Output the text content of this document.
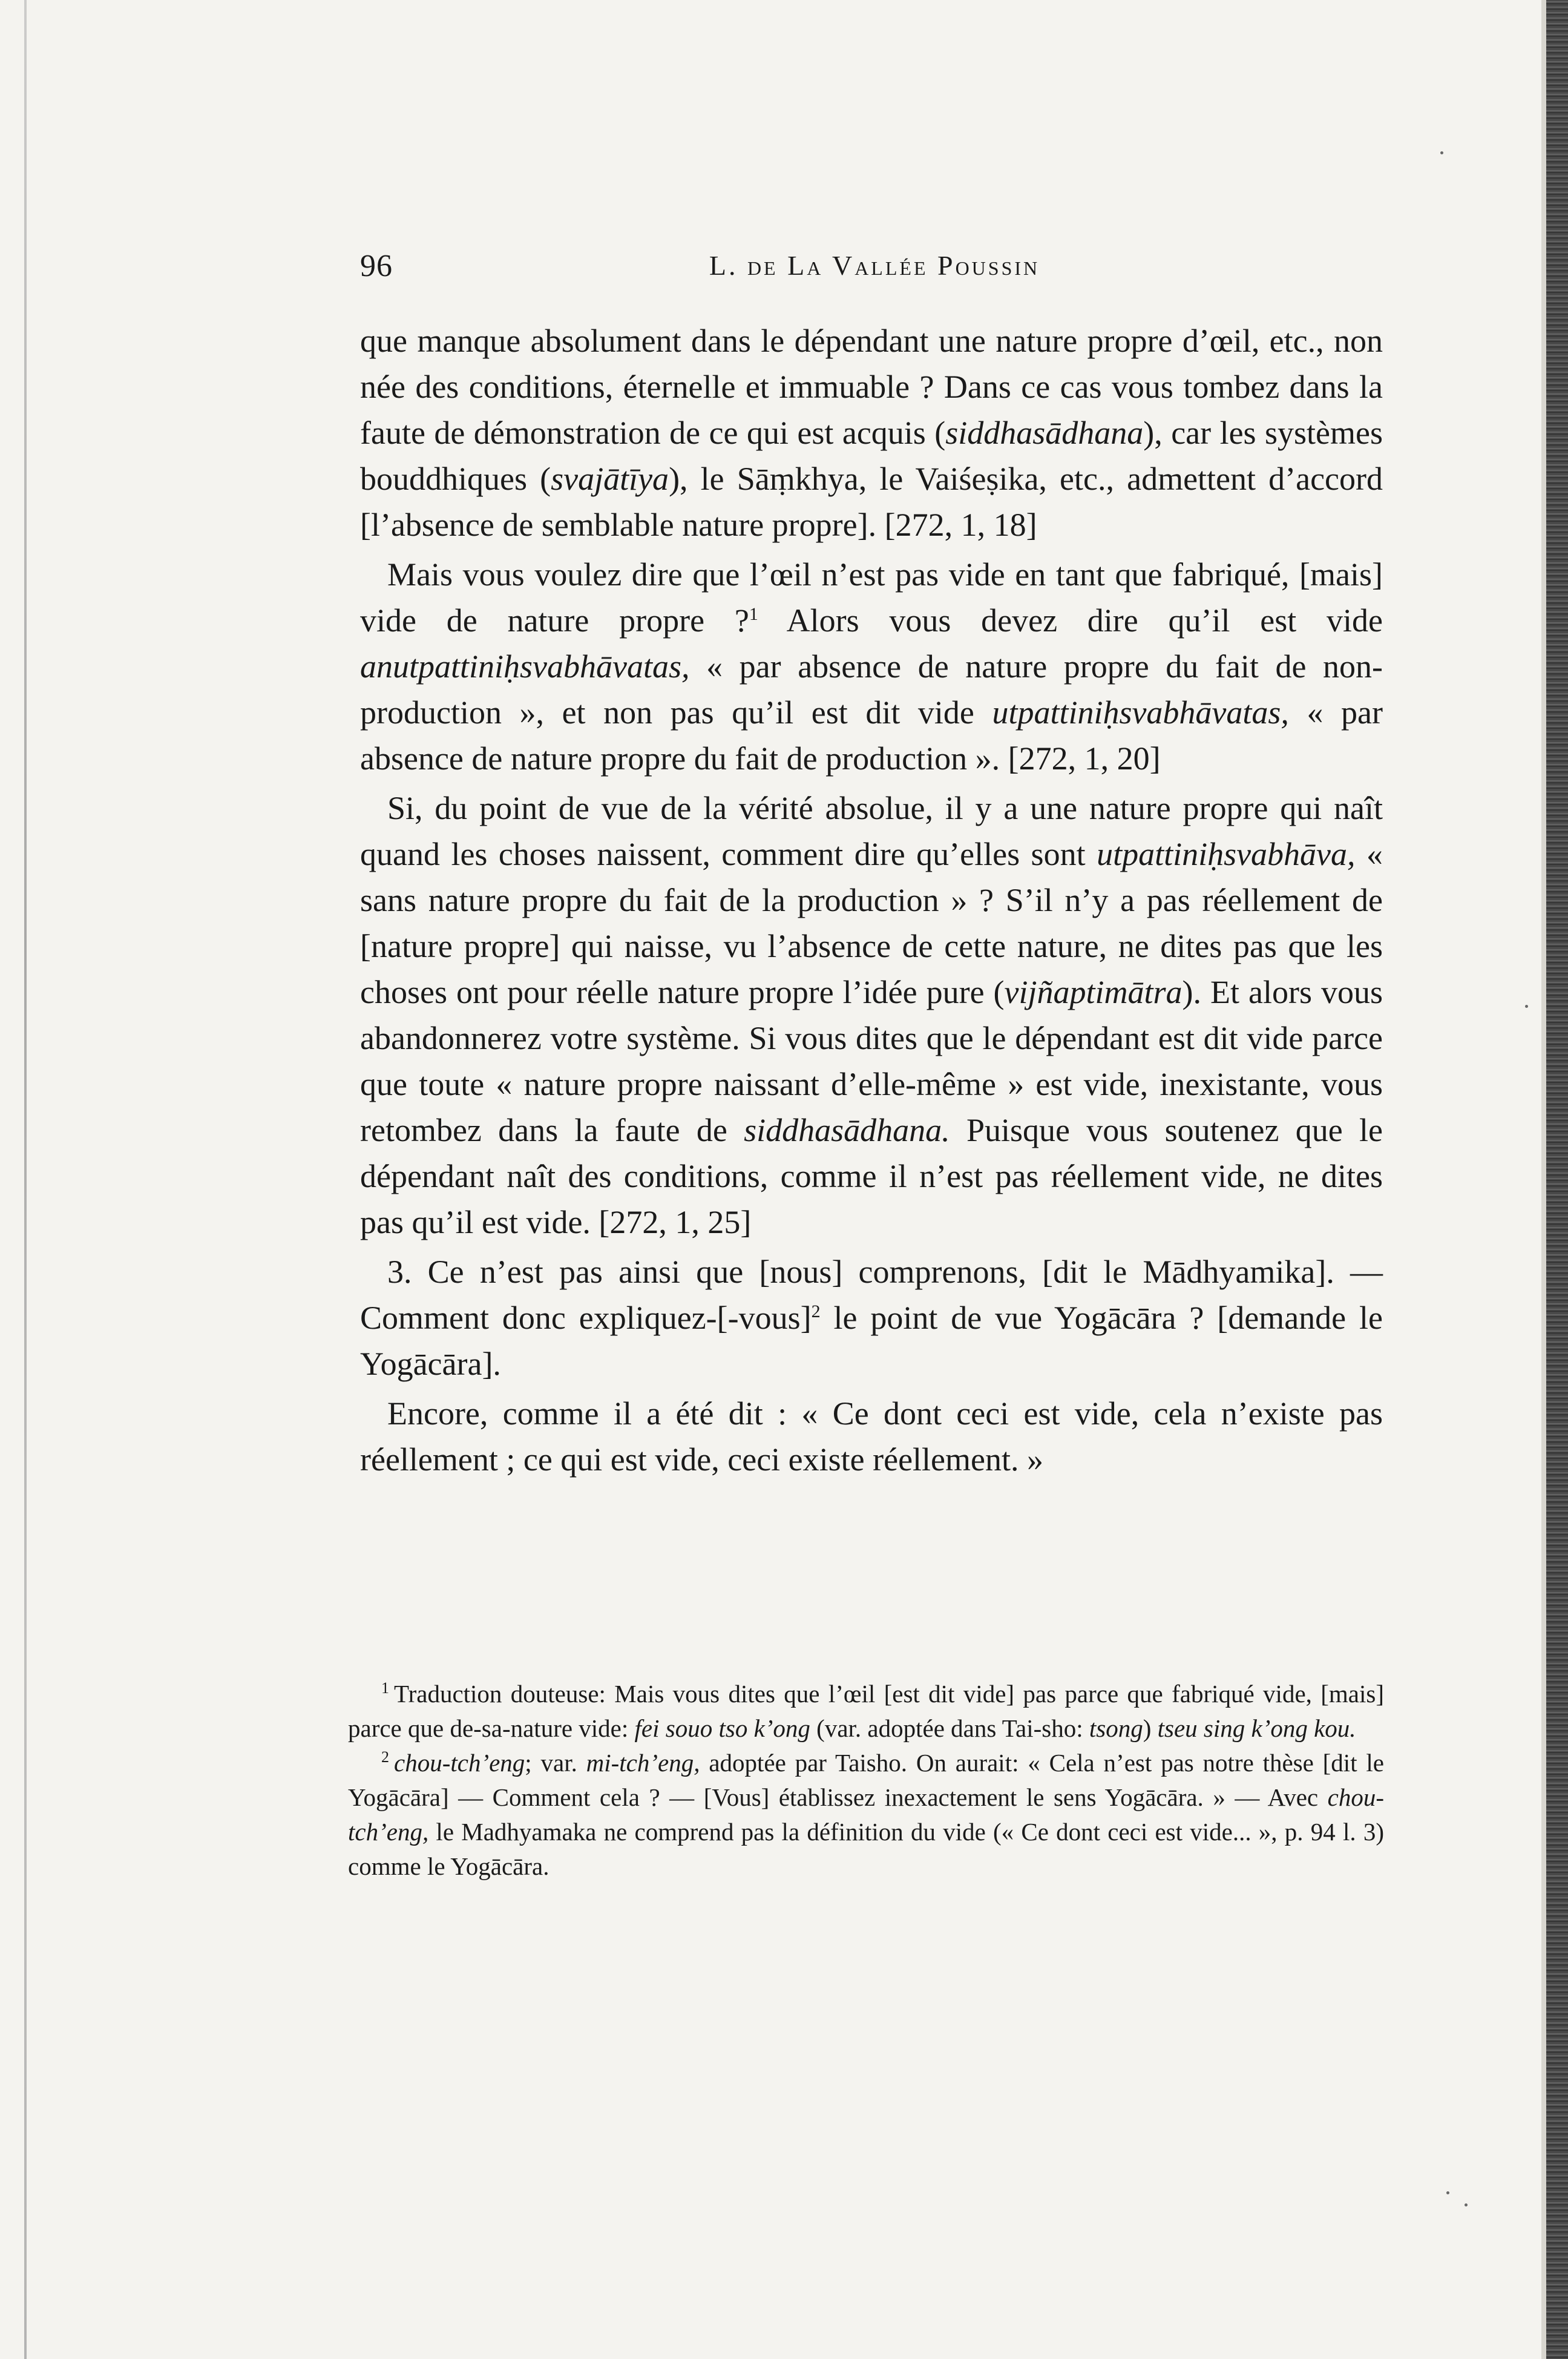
96	L. de La Vallée Poussin

que manque absolument dans le dépendant une nature propre d’œil, etc., non née des conditions, éternelle et immuable ? Dans ce cas vous tombez dans la faute de démonstration de ce qui est acquis (siddhasādhana), car les systèmes bouddhiques (svajātīya), le Sāṃkhya, le Vaiśeṣika, etc., admettent d’accord [l’absence de semblable nature propre]. [272, 1, 18]

Mais vous voulez dire que l’œil n’est pas vide en tant que fabriqué, [mais] vide de nature propre ?$^1$ Alors vous devez dire qu’il est vide anutpattiniḥsvabhāvatas, « par absence de nature propre du fait de non-production », et non pas qu’il est dit vide utpattiniḥsvabhāvatas, « par absence de nature propre du fait de production ». [272, 1, 20]

Si, du point de vue de la vérité absolue, il y a une nature propre qui naît quand les choses naissent, comment dire qu’elles sont utpattiniḥsvabhāva, « sans nature propre du fait de la production » ? S’il n’y a pas réellement de [nature propre] qui naisse, vu l’absence de cette nature, ne dites pas que les choses ont pour réelle nature propre l’idée pure (vijñaptimātra). Et alors vous abandonnerez votre système. Si vous dites que le dépendant est dit vide parce que toute « nature propre naissant d’elle-même » est vide, inexistante, vous retombez dans la faute de siddhasādhana. Puisque vous soutenez que le dépendant naît des conditions, comme il n’est pas réellement vide, ne dites pas qu’il est vide. [272, 1, 25]

3. Ce n’est pas ainsi que [nous] comprenons, [dit le Mādhyamika]. — Comment donc expliquez-[-vous]$^2$ le point de vue Yogācāra ? [demande le Yogācāra].

Encore, comme il a été dit : « Ce dont ceci est vide, cela n’existe pas réellement ; ce qui est vide, ceci existe réellement. »

$^1$ Traduction douteuse: Mais vous dites que l’œil [est dit vide] pas parce que fabriqué vide, [mais] parce que de-sa-nature vide: fei souo tso k’ong (var. adoptée dans Tai-sho: tsong) tseu sing k’ong kou.

$^2$ chou-tch’eng; var. mi-tch’eng, adoptée par Taisho. On aurait: « Cela n’est pas notre thèse [dit le Yogācāra] — Comment cela ? — [Vous] établissez inexactement le sens Yogācāra. » — Avec chou-tch’eng, le Madhyamaka ne comprend pas la définition du vide (« Ce dont ceci est vide... », p. 94 l. 3) comme le Yogācāra.
